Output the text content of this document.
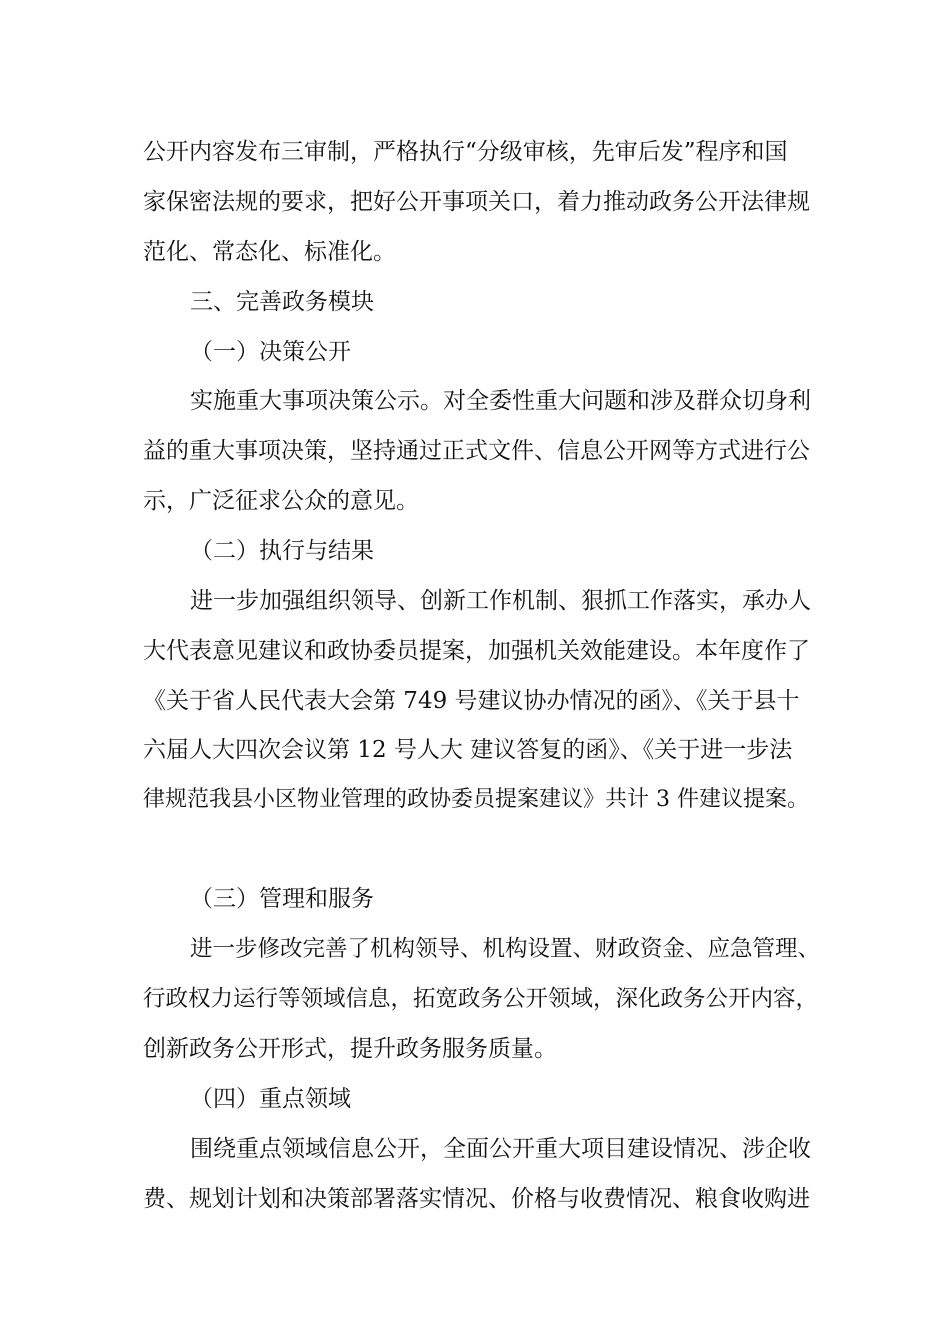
公开内容发布三审制，严格执行“分级审核，先审后发”程序和国

家保密法规的要求，把好公开事项关口，着力推动政务公开法律规

范化、常态化、标准化。

三、完善政务模块

（一）决策公开

实施重大事项决策公示。对全委性重大问题和涉及群众切身利

益的重大事项决策，坚持通过正式文件、信息公开网等方式进行公

示，广泛征求公众的意见。

（二）执行与结果

进一步加强组织领导、创新工作机制、狠抓工作落实，承办人

大代表意见建议和政协委员提案，加强机关效能建设。本年度作了

《关于省人民代表大会第 749 号建议协办情况的函》、《关于县十

六届人大四次会议第 12 号人大 建议答复的函》、《关于进一步法

律规范我县小区物业管理的政协委员提案建议》共计 3 件建议提案。

（三）管理和服务

进一步修改完善了机构领导、机构设置、财政资金、应急管理、

行政权力运行等领域信息，拓宽政务公开领域，深化政务公开内容，

创新政务公开形式，提升政务服务质量。

（四）重点领域

围绕重点领域信息公开，全面公开重大项目建设情况、涉企收

费、规划计划和决策部署落实情况、价格与收费情况、粮食收购进
